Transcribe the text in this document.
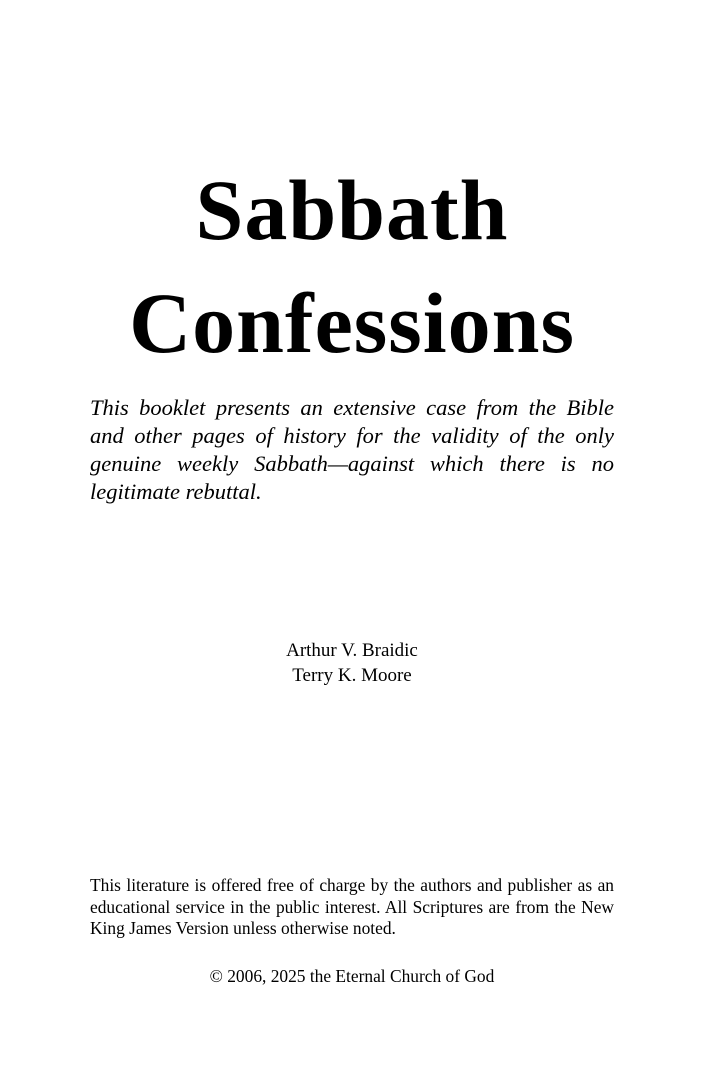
Sabbath
Confessions

This booklet presents an extensive case from the Bible and other pages of history for the validity of the only genuine weekly Sabbath—against which there is no legitimate rebuttal.

Arthur V. Braidic
Terry K. Moore

This literature is offered free of charge by the authors and publisher as an educational service in the public interest. All Scriptures are from the New King James Version unless otherwise noted.

© 2006, 2025 the Eternal Church of God
